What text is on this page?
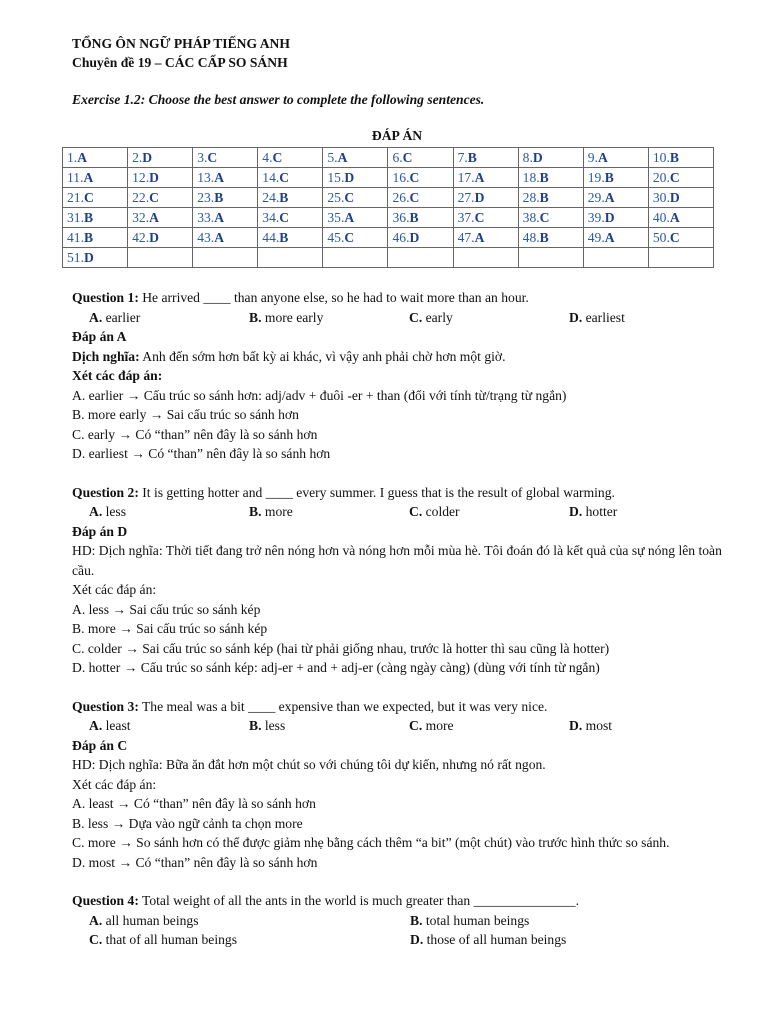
TỔNG ÔN NGỮ PHÁP TIẾNG ANH
Chuyên đề 19 – CÁC CẤP SO SÁNH
Exercise 1.2: Choose the best answer to complete the following sentences.
ĐÁP ÁN
1.A	2.D	3.C	4.C	5.A	6.C	7.B	8.D	9.A	10.B
11.A	12.D	13.A	14.C	15.D	16.C	17.A	18.B	19.B	20.C
21.C	22.C	23.B	24.B	25.C	26.C	27.D	28.B	29.A	30.D
31.B	32.A	33.A	34.C	35.A	36.B	37.C	38.C	39.D	40.A
41.B	42.D	43.A	44.B	45.C	46.D	47.A	48.B	49.A	50.C
51.D									
Question 1: He arrived ____ than anyone else, so he had to wait more than an hour.
A. earlier	B. more early	C. early	D. earliest
Đáp án A
Dịch nghĩa: Anh đến sớm hơn bất kỳ ai khác, vì vậy anh phải chờ hơn một giờ.
Xét các đáp án:
A. earlier → Cấu trúc so sánh hơn: adj/adv + đuôi -er + than (đối với tính từ/trạng từ ngắn)
B. more early → Sai cấu trúc so sánh hơn
C. early → Có “than” nên đây là so sánh hơn
D. earliest → Có “than” nên đây là so sánh hơn
Question 2: It is getting hotter and ____ every summer. I guess that is the result of global warming.
A. less	B. more	C. colder	D. hotter
Đáp án D
HD: Dịch nghĩa: Thời tiết đang trở nên nóng hơn và nóng hơn mỗi mùa hè. Tôi đoán đó là kết quả của sự nóng lên toàn cầu.
Xét các đáp án:
A. less → Sai cấu trúc so sánh kép
B. more → Sai cấu trúc so sánh kép
C. colder → Sai cấu trúc so sánh kép (hai từ phải giống nhau, trước là hotter thì sau cũng là hotter)
D. hotter → Cấu trúc so sánh kép: adj-er + and + adj-er (càng ngày càng) (dùng với tính từ ngắn)
Question 3: The meal was a bit ____ expensive than we expected, but it was very nice.
A. least	B. less	C. more	D. most
Đáp án C
HD: Dịch nghĩa: Bữa ăn đắt hơn một chút so với chúng tôi dự kiến, nhưng nó rất ngon.
Xét các đáp án:
A. least → Có “than” nên đây là so sánh hơn
B. less → Dựa vào ngữ cảnh ta chọn more
C. more → So sánh hơn có thể được giảm nhẹ bằng cách thêm “a bit” (một chút) vào trước hình thức so sánh.
D. most → Có “than” nên đây là so sánh hơn
Question 4: Total weight of all the ants in the world is much greater than _______________.
A. all human beings	B. total human beings
C. that of all human beings	D. those of all human beings
